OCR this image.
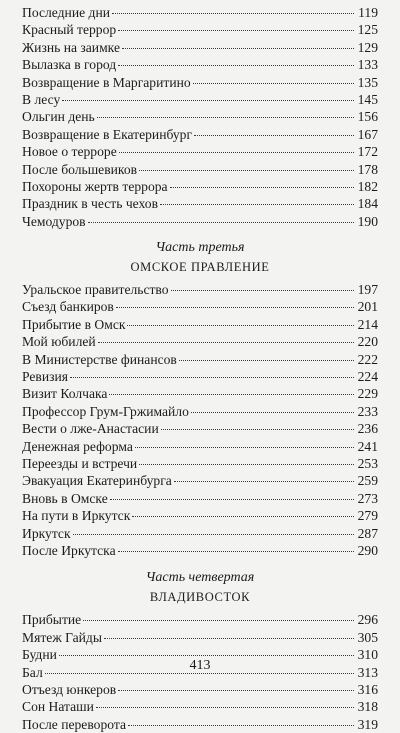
Последние дни	119
Красный террор	125
Жизнь на заимке	129
Вылазка в город	133
Возвращение в Маргаритино	135
В лесу	145
Ольгин день	156
Возвращение в Екатеринбург	167
Новое о терроре	172
После большевиков	178
Похороны жертв террора	182
Праздник в честь чехов	184
Чемодуров	190
Часть третья
ОМСКОЕ ПРАВЛЕНИЕ
Уральское правительство	197
Съезд банкиров	201
Прибытие в Омск	214
Мой юбилей	220
В Министерстве финансов	222
Ревизия	224
Визит Колчака	229
Профессор Грум-Гржимайло	233
Вести о лже-Анастасии	236
Денежная реформа	241
Переезды и встречи	253
Эвакуация Екатеринбурга	259
Вновь в Омске	273
На пути в Иркутск	279
Иркутск	287
После Иркутска	290
Часть четвертая
ВЛАДИВОСТОК
Прибытие	296
Мятеж Гайды	305
Будни	310
Бал	313
Отъезд юнкеров	316
Сон Наташи	318
После переворота	319
413
